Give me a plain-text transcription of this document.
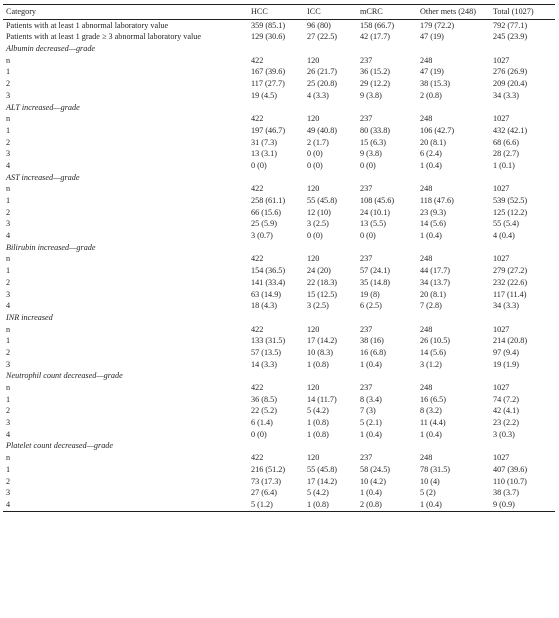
Category	HCC	ICC	mCRC	Other mets (248)	Total (1027)
Patients with at least 1 abnormal laboratory value	359 (85.1)	96 (80)	158 (66.7)	179 (72.2)	792 (77.1)
Patients with at least 1 grade ≥ 3 abnormal laboratory value	129 (30.6)	27 (22.5)	42 (17.7)	47 (19)	245 (23.9)
Albumin decreased—grade					
n	422	120	237	248	1027
1	167 (39.6)	26 (21.7)	36 (15.2)	47 (19)	276 (26.9)
2	117 (27.7)	25 (20.8)	29 (12.2)	38 (15.3)	209 (20.4)
3	19 (4.5)	4 (3.3)	9 (3.8)	2 (0.8)	34 (3.3)
ALT increased—grade					
n	422	120	237	248	1027
1	197 (46.7)	49 (40.8)	80 (33.8)	106 (42.7)	432 (42.1)
2	31 (7.3)	2 (1.7)	15 (6.3)	20 (8.1)	68 (6.6)
3	13 (3.1)	0 (0)	9 (3.8)	6 (2.4)	28 (2.7)
4	0 (0)	0 (0)	0 (0)	1 (0.4)	1 (0.1)
AST increased—grade					
n	422	120	237	248	1027
1	258 (61.1)	55 (45.8)	108 (45.6)	118 (47.6)	539 (52.5)
2	66 (15.6)	12 (10)	24 (10.1)	23 (9.3)	125 (12.2)
3	25 (5.9)	3 (2.5)	13 (5.5)	14 (5.6)	55 (5.4)
4	3 (0.7)	0 (0)	0 (0)	1 (0.4)	4 (0.4)
Bilirubin increased—grade					
n	422	120	237	248	1027
1	154 (36.5)	24 (20)	57 (24.1)	44 (17.7)	279 (27.2)
2	141 (33.4)	22 (18.3)	35 (14.8)	34 (13.7)	232 (22.6)
3	63 (14.9)	15 (12.5)	19 (8)	20 (8.1)	117 (11.4)
4	18 (4.3)	3 (2.5)	6 (2.5)	7 (2.8)	34 (3.3)
INR increased					
n	422	120	237	248	1027
1	133 (31.5)	17 (14.2)	38 (16)	26 (10.5)	214 (20.8)
2	57 (13.5)	10 (8.3)	16 (6.8)	14 (5.6)	97 (9.4)
3	14 (3.3)	1 (0.8)	1 (0.4)	3 (1.2)	19 (1.9)
Neutrophil count decreased—grade					
n	422	120	237	248	1027
1	36 (8.5)	14 (11.7)	8 (3.4)	16 (6.5)	74 (7.2)
2	22 (5.2)	5 (4.2)	7 (3)	8 (3.2)	42 (4.1)
3	6 (1.4)	1 (0.8)	5 (2.1)	11 (4.4)	23 (2.2)
4	0 (0)	1 (0.8)	1 (0.4)	1 (0.4)	3 (0.3)
Platelet count decreased—grade					
n	422	120	237	248	1027
1	216 (51.2)	55 (45.8)	58 (24.5)	78 (31.5)	407 (39.6)
2	73 (17.3)	17 (14.2)	10 (4.2)	10 (4)	110 (10.7)
3	27 (6.4)	5 (4.2)	1 (0.4)	5 (2)	38 (3.7)
4	5 (1.2)	1 (0.8)	2 (0.8)	1 (0.4)	9 (0.9)
